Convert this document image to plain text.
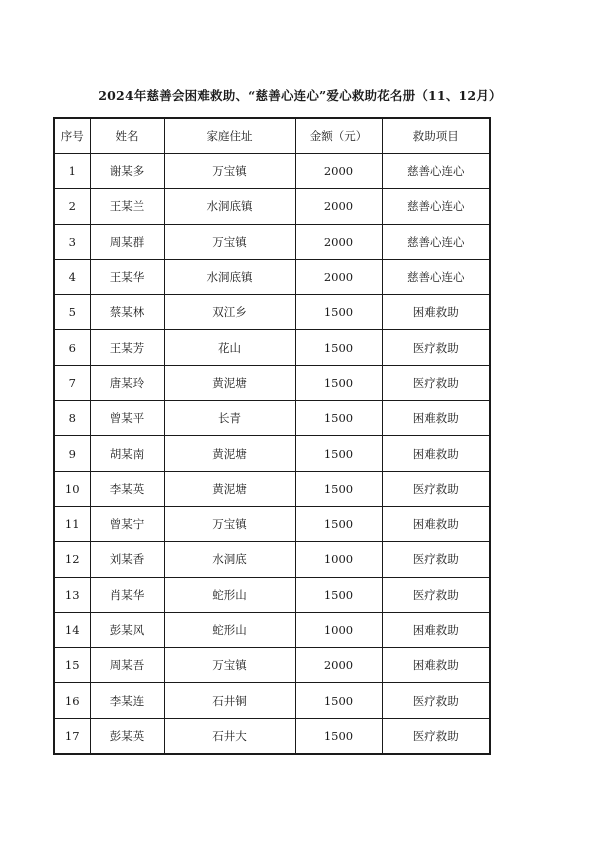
2024年慈善会困难救助、“慈善心连心”爱心救助花名册（11、12月）
序号	姓名	家庭住址	金额（元）	救助项目
1	谢某多	万宝镇	2000	慈善心连心
2	王某兰	水洞底镇	2000	慈善心连心
3	周某群	万宝镇	2000	慈善心连心
4	王某华	水洞底镇	2000	慈善心连心
5	蔡某林	双江乡	1500	困难救助
6	王某芳	花山	1500	医疗救助
7	唐某玲	黄泥塘	1500	医疗救助
8	曾某平	长青	1500	困难救助
9	胡某南	黄泥塘	1500	困难救助
10	李某英	黄泥塘	1500	医疗救助
11	曾某宁	万宝镇	1500	困难救助
12	刘某香	水洞底	1000	医疗救助
13	肖某华	蛇形山	1500	医疗救助
14	彭某风	蛇形山	1000	困难救助
15	周某吾	万宝镇	2000	困难救助
16	李某连	石井铜	1500	医疗救助
17	彭某英	石井大	1500	医疗救助
